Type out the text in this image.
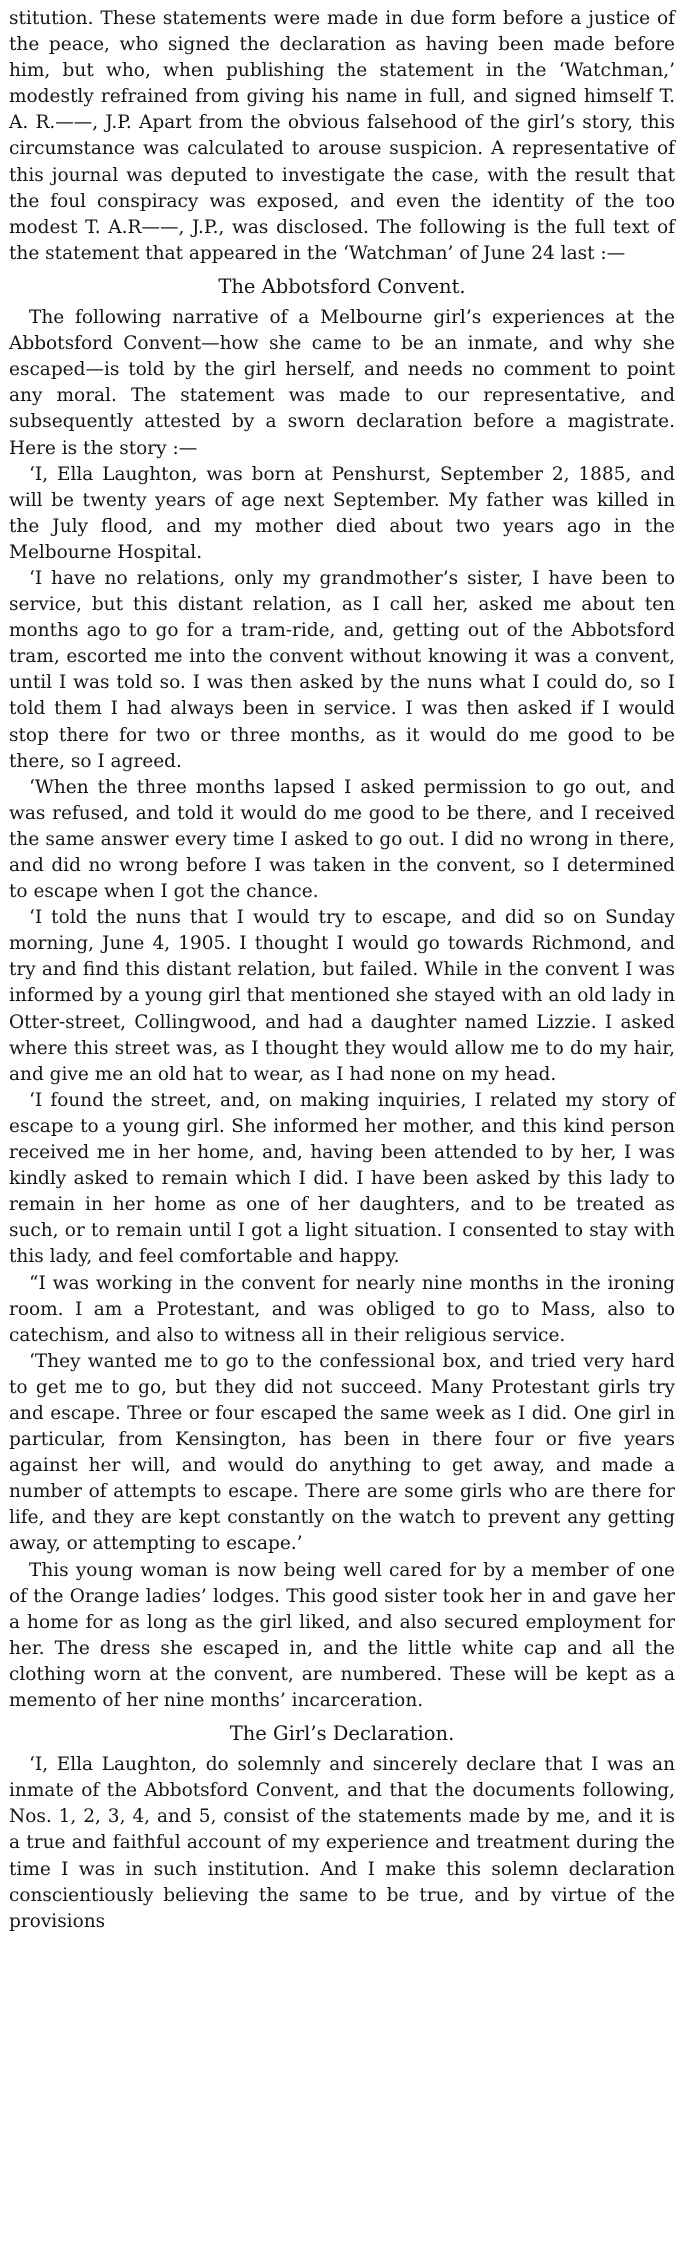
stitution. These statements were made in due form before a justice of the peace, who signed the declaration as having been made before him, but who, when publishing the statement in the ‘Watchman,’ modestly refrained from giving his name in full, and signed himself T. A. R.——, J.P. Apart from the obvious falsehood of the girl’s story, this circumstance was calculated to arouse suspicion. A representative of this journal was deputed to investigate the case, with the result that the foul conspiracy was exposed, and even the identity of the too modest T. A.R——, J.P., was disclosed. The following is the full text of the statement that appeared in the ‘Watchman’ of June 24 last :—

The Abbotsford Convent.

The following narrative of a Melbourne girl’s experiences at the Abbotsford Convent—how she came to be an inmate, and why she escaped—is told by the girl herself, and needs no comment to point any moral. The statement was made to our representative, and subsequently attested by a sworn declaration before a magistrate. Here is the story :—

‘I, Ella Laughton, was born at Penshurst, September 2, 1885, and will be twenty years of age next September. My father was killed in the July flood, and my mother died about two years ago in the Melbourne Hospital.

‘I have no relations, only my grandmother’s sister, I have been to service, but this distant relation, as I call her, asked me about ten months ago to go for a tram-ride, and, getting out of the Abbotsford tram, escorted me into the convent without knowing it was a convent, until I was told so. I was then asked by the nuns what I could do, so I told them I had always been in service. I was then asked if I would stop there for two or three months, as it would do me good to be there, so I agreed.

‘When the three months lapsed I asked permission to go out, and was refused, and told it would do me good to be there, and I received the same answer every time I asked to go out. I did no wrong in there, and did no wrong before I was taken in the convent, so I determined to escape when I got the chance.

‘I told the nuns that I would try to escape, and did so on Sunday morning, June 4, 1905. I thought I would go towards Richmond, and try and find this distant relation, but failed. While in the convent I was informed by a young girl that mentioned she stayed with an old lady in Otter-street, Collingwood, and had a daughter named Lizzie. I asked where this street was, as I thought they would allow me to do my hair, and give me an old hat to wear, as I had none on my head.

‘I found the street, and, on making inquiries, I related my story of escape to a young girl. She informed her mother, and this kind person received me in her home, and, having been attended to by her, I was kindly asked to remain which I did. I have been asked by this lady to remain in her home as one of her daughters, and to be treated as such, or to remain until I got a light situation. I consented to stay with this lady, and feel comfortable and happy.

“I was working in the convent for nearly nine months in the ironing room. I am a Protestant, and was obliged to go to Mass, also to catechism, and also to witness all in their religious service.

‘They wanted me to go to the confessional box, and tried very hard to get me to go, but they did not succeed. Many Protestant girls try and escape. Three or four escaped the same week as I did. One girl in particular, from Kensington, has been in there four or five years against her will, and would do anything to get away, and made a number of attempts to escape. There are some girls who are there for life, and they are kept constantly on the watch to prevent any getting away, or attempting to escape.’

This young woman is now being well cared for by a member of one of the Orange ladies’ lodges. This good sister took her in and gave her a home for as long as the girl liked, and also secured employment for her. The dress she escaped in, and the little white cap and all the clothing worn at the convent, are numbered. These will be kept as a memento of her nine months’ incarceration.

The Girl’s Declaration.

‘I, Ella Laughton, do solemnly and sincerely declare that I was an inmate of the Abbotsford Convent, and that the documents following, Nos. 1, 2, 3, 4, and 5, consist of the statements made by me, and it is a true and faithful account of my experience and treatment during the time I was in such institution. And I make this solemn declaration conscientiously believing the same to be true, and by virtue of the provisions
